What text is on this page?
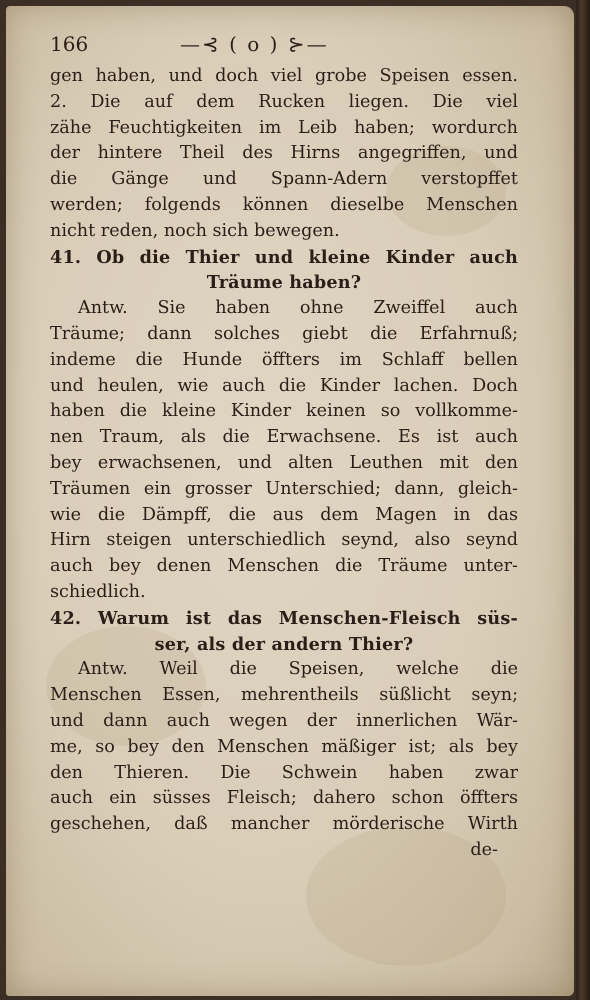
166	—⊰ ( o ) ⊱—
gen haben, und doch viel grobe Speisen essen.
2. Die auf dem Rucken liegen. Die viel
zähe Feuchtigkeiten im Leib haben; wordurch
der hintere Theil des Hirns angegriffen, und
die Gänge und Spann-Adern verstopffet
werden; folgends können dieselbe Menschen
nicht reden, noch sich bewegen.
41. Ob die Thier und kleine Kinder auch
Träume haben?
Antw. Sie haben ohne Zweiffel auch
Träume; dann solches giebt die Erfahrnuß;
indeme die Hunde öffters im Schlaff bellen
und heulen, wie auch die Kinder lachen. Doch
haben die kleine Kinder keinen so vollkomme-
nen Traum, als die Erwachsene. Es ist auch
bey erwachsenen, und alten Leuthen mit den
Träumen ein grosser Unterschied; dann, gleich-
wie die Dämpff, die aus dem Magen in das
Hirn steigen unterschiedlich seynd, also seynd
auch bey denen Menschen die Träume unter-
schiedlich.
42. Warum ist das Menschen-Fleisch süs-
ser, als der andern Thier?
Antw. Weil die Speisen, welche die
Menschen Essen, mehrentheils süßlicht seyn;
und dann auch wegen der innerlichen Wär-
me, so bey den Menschen mäßiger ist; als bey
den Thieren. Die Schwein haben zwar
auch ein süsses Fleisch; dahero schon öffters
geschehen, daß mancher mörderische Wirth
de-
